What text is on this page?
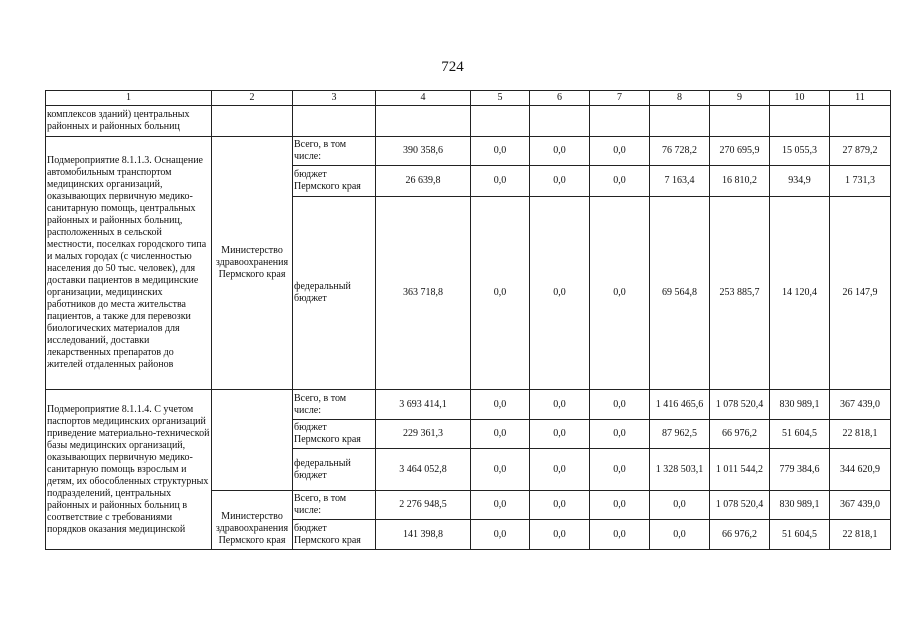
724
1	2	3	4	5	6	7	8	9	10	11
комплексов зданий) центральных районных и районных больниц										
Подмероприятие 8.1.1.3. Оснащение автомобильным транспортом медицинских организаций, оказывающих первичную медико-санитарную помощь, центральных районных и районных больниц, расположенных в сельской местности, поселках городского типа и малых городах (с численностью населения до 50 тыс. человек), для доставки пациентов в медицинские организации, медицинских работников до места жительства пациентов, а также для перевозки биологических материалов для исследований, доставки лекарственных препаратов до жителей отдаленных районов	Министерство здравоохранения Пермского края	Всего, в том числе:	390 358,6	0,0	0,0	0,0	76 728,2	270 695,9	15 055,3	27 879,2
		бюджет Пермского края	26 639,8	0,0	0,0	0,0	7 163,4	16 810,2	934,9	1 731,3
		федеральный бюджет	363 718,8	0,0	0,0	0,0	69 564,8	253 885,7	14 120,4	26 147,9
Подмероприятие 8.1.1.4. С учетом паспортов медицинских организаций приведение материально-технической базы медицинских организаций, оказывающих первичную медико-санитарную помощь взрослым и детям, их обособленных структурных подразделений, центральных районных и районных больниц в соответствие с требованиями порядков оказания медицинской		Всего, в том числе:	3 693 414,1	0,0	0,0	0,0	1 416 465,6	1 078 520,4	830 989,1	367 439,0
		бюджет Пермского края	229 361,3	0,0	0,0	0,0	87 962,5	66 976,2	51 604,5	22 818,1
		федеральный бюджет	3 464 052,8	0,0	0,0	0,0	1 328 503,1	1 011 544,2	779 384,6	344 620,9
	Министерство здравоохранения Пермского края	Всего, в том числе:	2 276 948,5	0,0	0,0	0,0	0,0	1 078 520,4	830 989,1	367 439,0
		бюджет Пермского края	141 398,8	0,0	0,0	0,0	0,0	66 976,2	51 604,5	22 818,1
